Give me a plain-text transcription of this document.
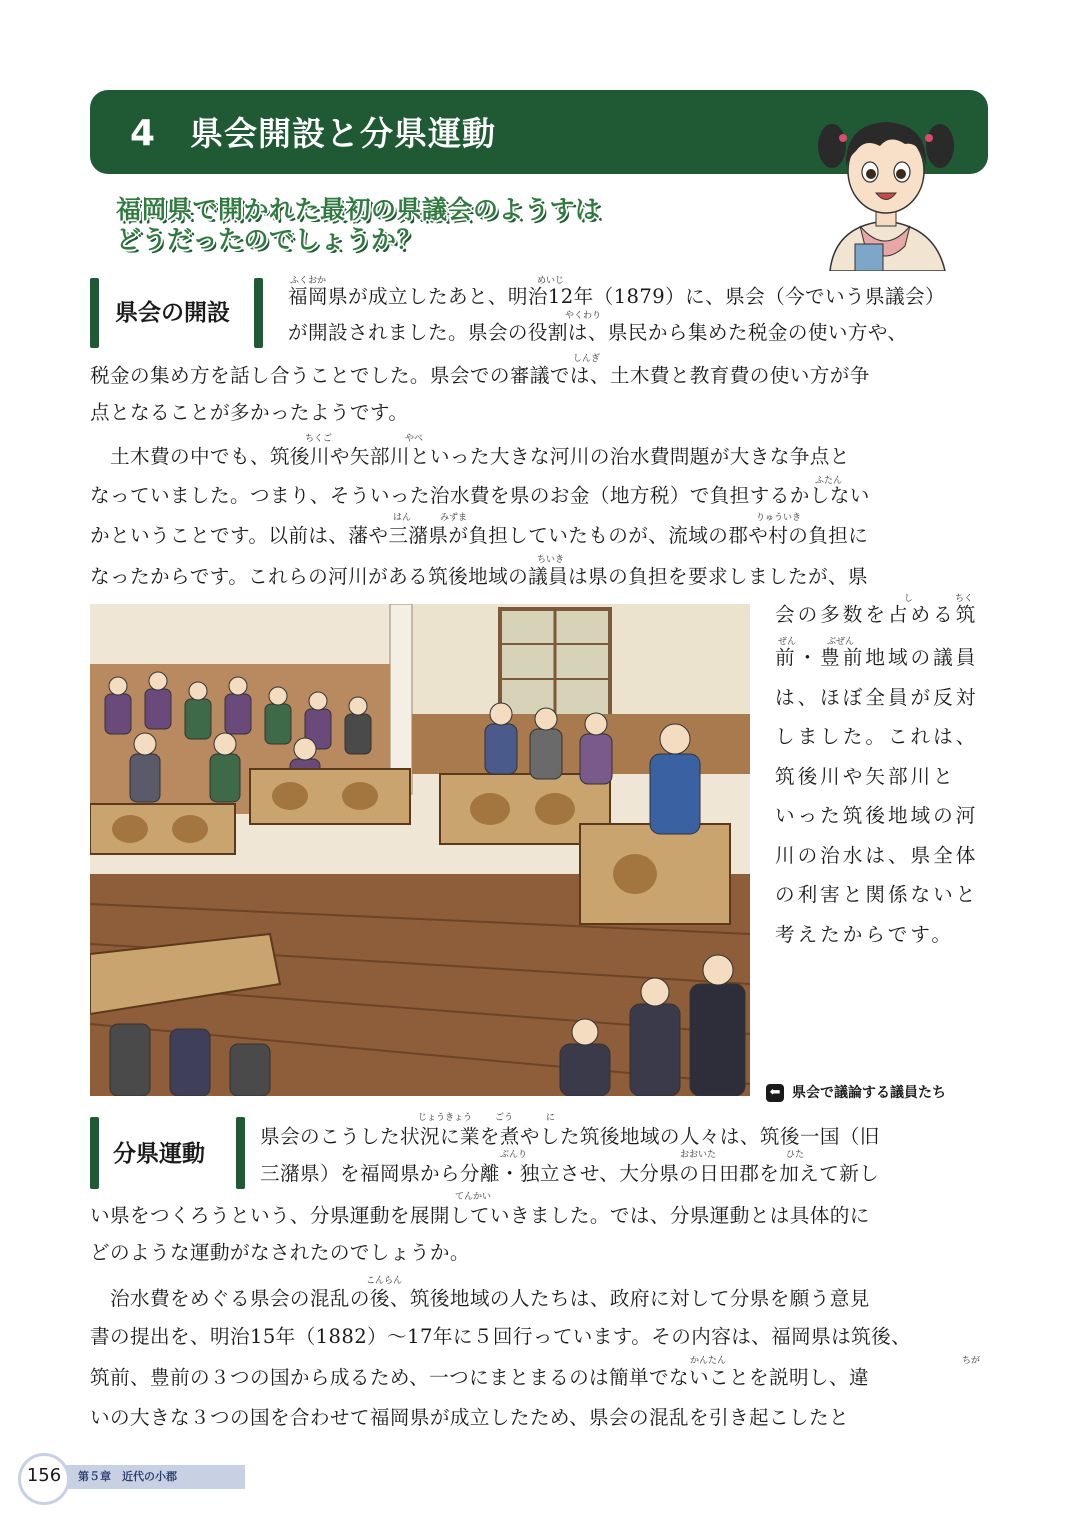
4 県会開設と分県運動
福岡県で開かれた最初の県議会のようすは
どうだったのでしょうか？
県会の開設
ふくおか	めいじ
やくわり
しんぎ
ちくご	やべ
ふたん
はん	みずま	りゅういき
ちいき
し	ちく
ぜん	ぶぜん
福岡県が成立したあと、明治12年（1879）に、県会（今でいう県議会）
が開設されました。県会の役割は、県民から集めた税金の使い方や、
税金の集め方を話し合うことでした。県会での審議では、土木費と教育費の使い方が争
点となることが多かったようです。
　土木費の中でも、筑後川や矢部川といった大きな河川の治水費問題が大きな争点と
なっていました。つまり、そういった治水費を県のお金（地方税）で負担するかしない
かということです。以前は、藩や三潴県が負担していたものが、流域の郡や村の負担に
なったからです。これらの河川がある筑後地域の議員は県の負担を要求しましたが、県
会の多数を占める筑
前・豊前地域の議員
は、ほぼ全員が反対
しました。これは、
筑後川や矢部川と
いった筑後地域の河
川の治水は、県全体
の利害と関係ないと
考えたからです。
⬅ 県会で議論する議員たち
分県運動
じょうきょう	ごう	に
ぶんり	おおいた	ひた
てんかい
こんらん
かんたん	ちが
県会のこうした状況に業を煮やした筑後地域の人々は、筑後一国（旧
三潴県）を福岡県から分離・独立させ、大分県の日田郡を加えて新し
い県をつくろうという、分県運動を展開していきました。では、分県運動とは具体的に
どのような運動がなされたのでしょうか。
　治水費をめぐる県会の混乱の後、筑後地域の人たちは、政府に対して分県を願う意見
書の提出を、明治15年（1882）～17年に５回行っています。その内容は、福岡県は筑後、
筑前、豊前の３つの国から成るため、一つにまとまるのは簡単でないことを説明し、違
いの大きな３つの国を合わせて福岡県が成立したため、県会の混乱を引き起こしたと
156	第５章　近代の小郡
